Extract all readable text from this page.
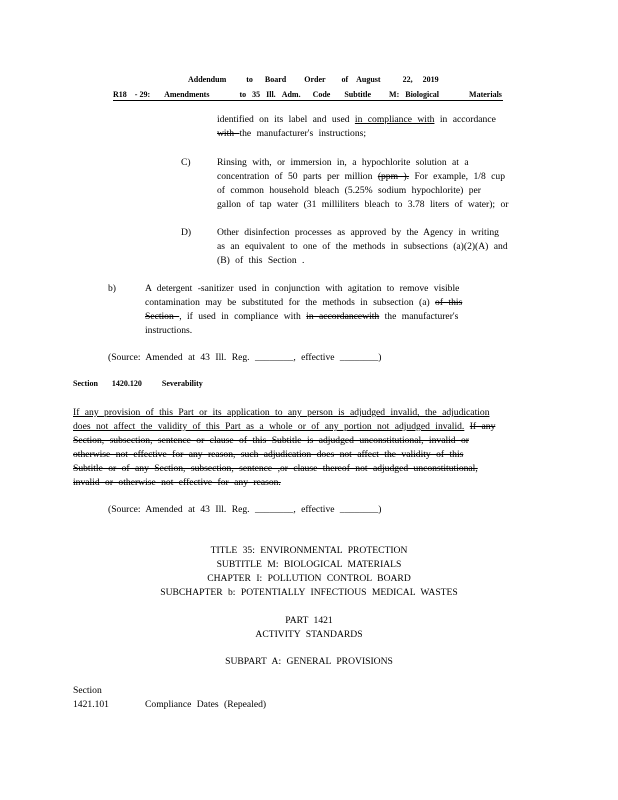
Addendum	to Board Order of August	22, 2019
R18 - 29: Amendments	to 35 Ill. Adm. Code Subtitle M: Biological	Materials
identified on its label and used in compliance with in accordance
with the manufacturer's instructions;
C)	Rinsing with, or immersion in, a hypochlorite solution at a
concentration of 50 parts per million (ppm ). For example, 1/8 cup
of common household bleach (5.25% sodium hypochlorite) per
gallon of tap water (31 milliliters bleach to 3.78 liters of water); or
D)	Other disinfection processes as approved by the Agency in writing
as an equivalent to one of the methods in subsections (a)(2)(A) and
(B) of this Section .
b)	A detergent -sanitizer used in conjunction with agitation to remove visible
contamination may be substituted for the methods in subsection (a) of this
Section , if used in compliance with in accordancewith the manufacturer's
instructions.
(Source: Amended at 43 Ill. Reg. ________, effective ________)
Section 1420.120	Severability
If any provision of this Part or its application to any person is adjudged invalid, the adjudication
does not affect the validity of this Part as a whole or of any portion not adjudged invalid. If any
Section, subsection, sentence or clause of this Subtitle is adjudged unconstitutional, invalid or
otherwise not effective for any reason, such adjudication does not affect the validity of this
Subtitle or of any Section, subsection, sentence ,or clause thereof not adjudged unconstitutional,
invalid or otherwise not effective for any reason.
(Source: Amended at 43 Ill. Reg. ________, effective ________)
TITLE 35: ENVIRONMENTAL PROTECTION
SUBTITLE M: BIOLOGICAL MATERIALS
CHAPTER I: POLLUTION CONTROL BOARD
SUBCHAPTER b: POTENTIALLY INFECTIOUS MEDICAL WASTES
PART 1421
ACTIVITY STANDARDS
SUBPART A: GENERAL PROVISIONS
Section
1421.101	Compliance Dates (Repealed)
